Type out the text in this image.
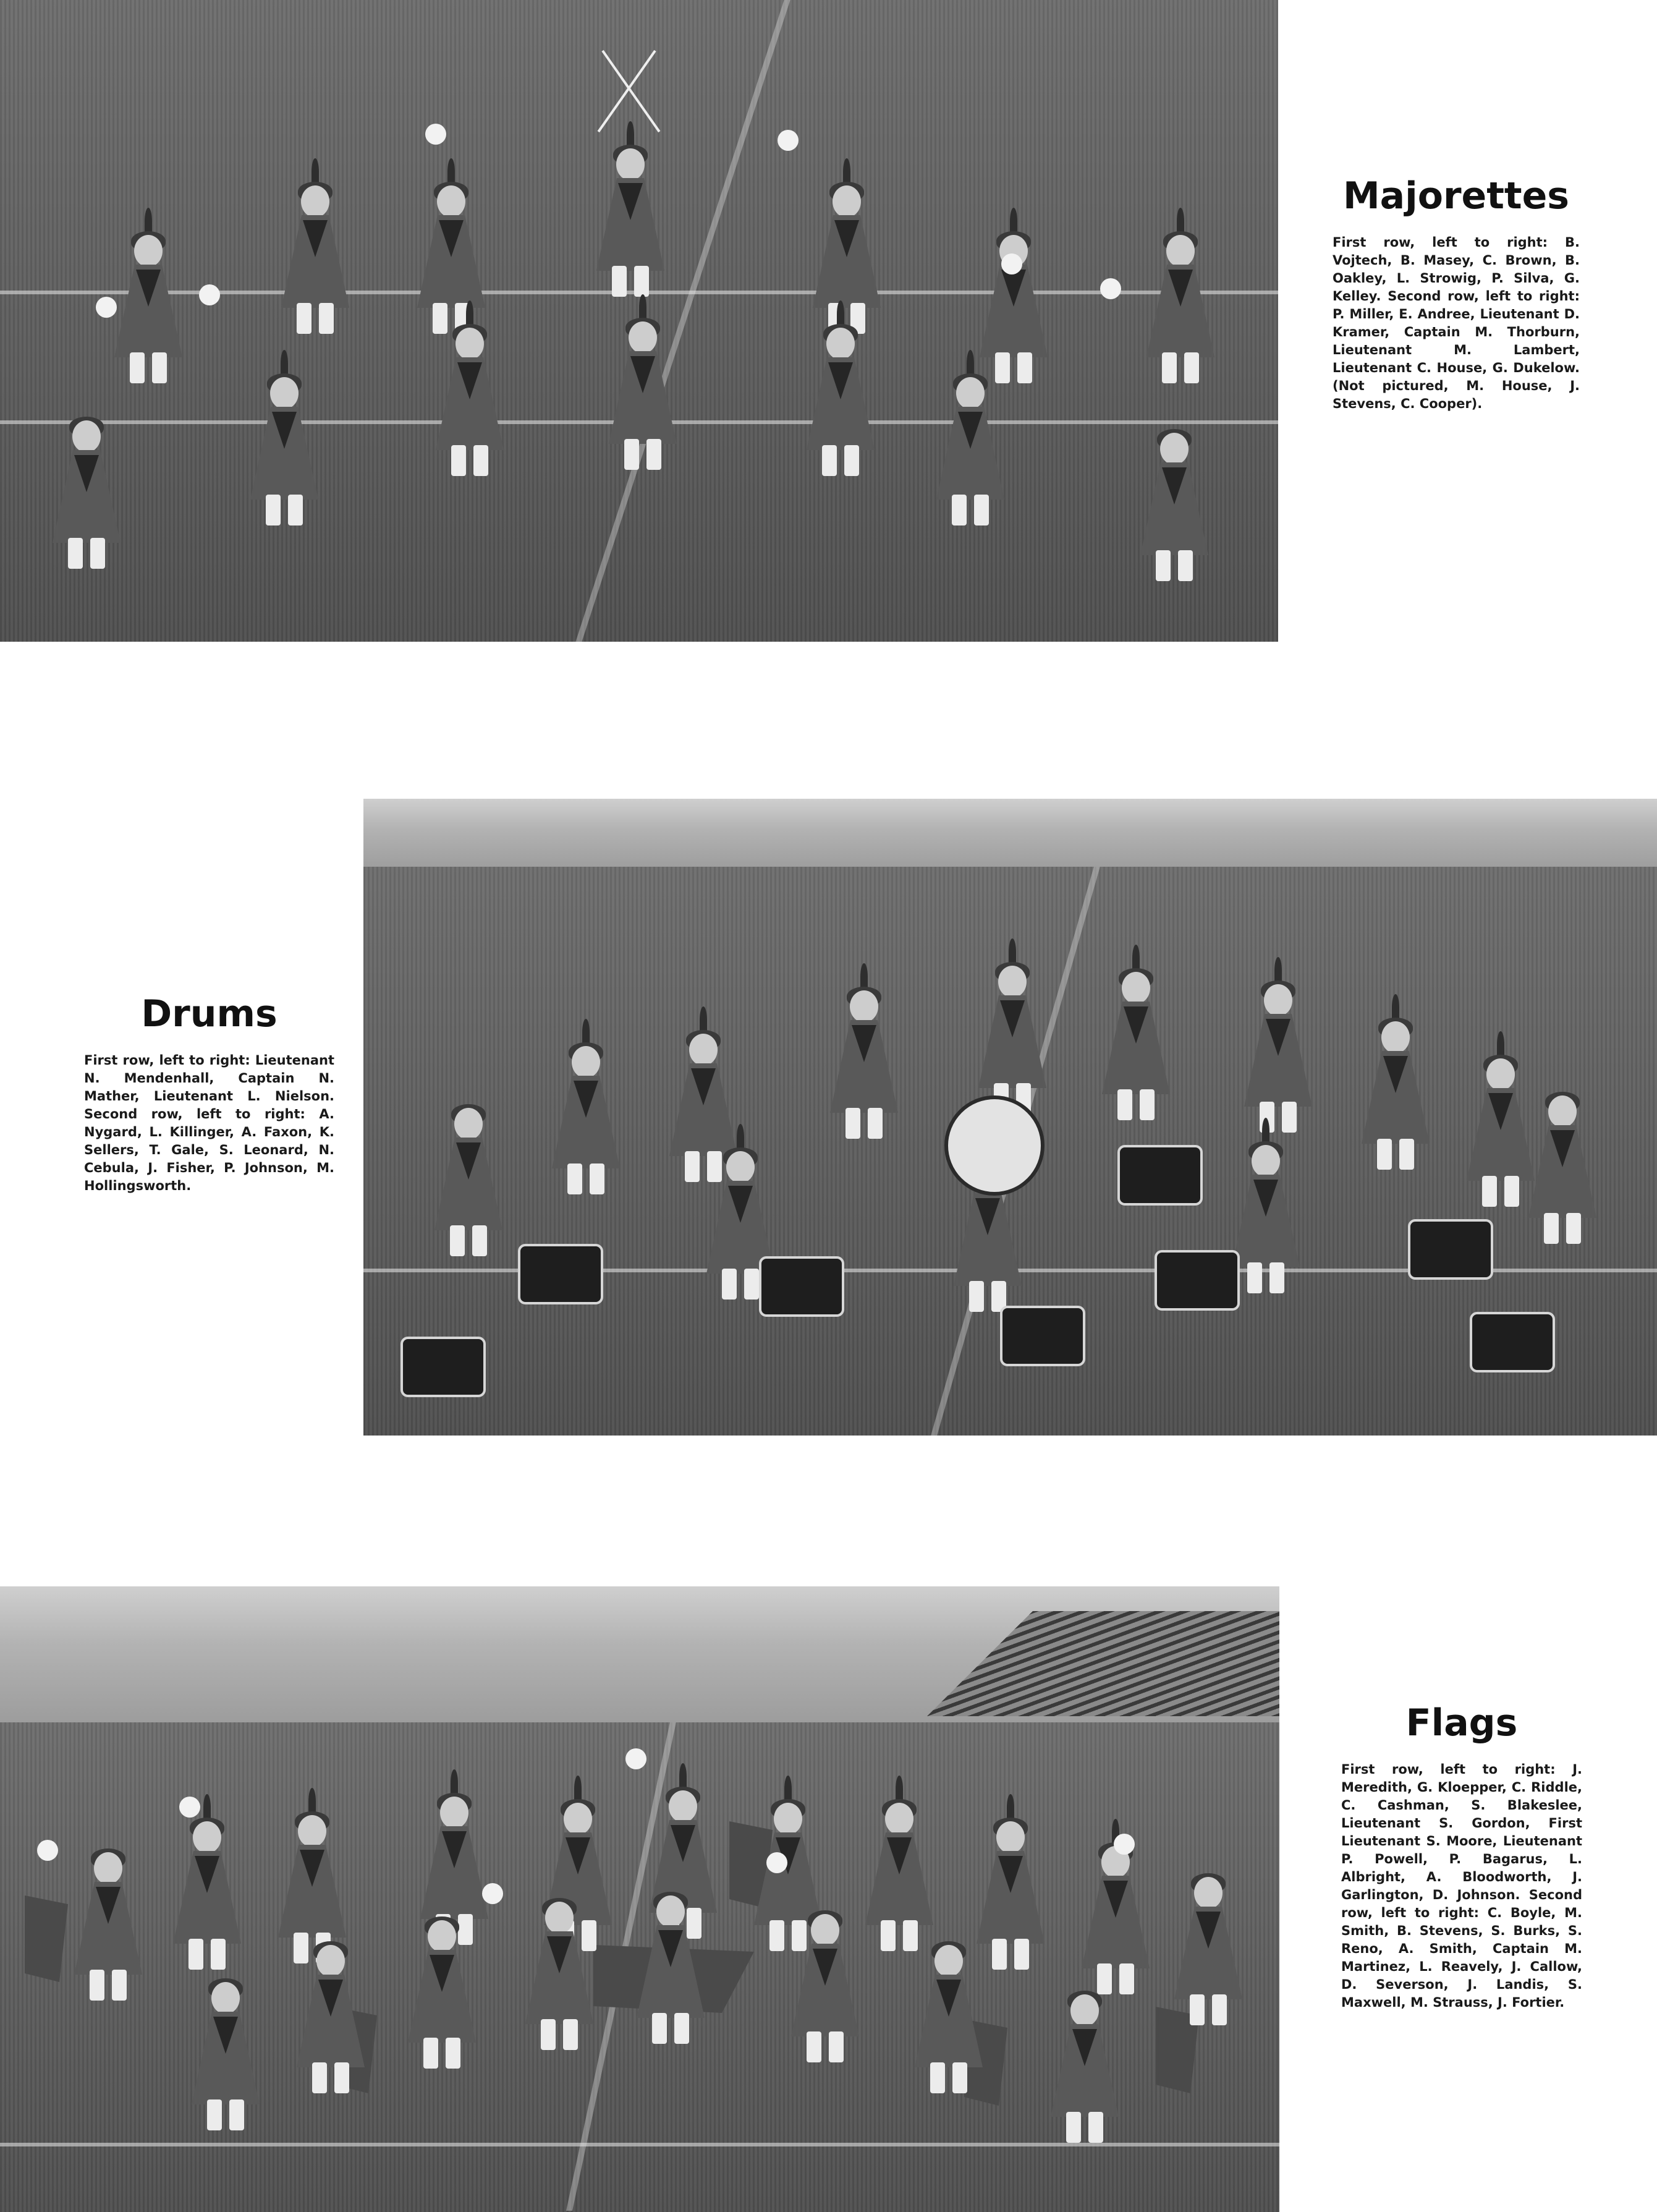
Majorettes

First row, left to right: B. Vojtech, B. Masey, C. Brown, B. Oakley, L. Strowig, P. Silva, G. Kelley. Second row, left to right: P. Miller, E. Andree, Lieutenant D. Kramer, Captain M. Thorburn, Lieutenant M. Lambert, Lieutenant C. House, G. Dukelow. (Not pictured, M. House, J. Stevens, C. Cooper).

Drums

First row, left to right: Lieutenant N. Mendenhall, Captain N. Mather, Lieutenant L. Nielson. Second row, left to right: A. Nygard, L. Killinger, A. Faxon, K. Sellers, T. Gale, S. Leonard, N. Cebula, J. Fisher, P. Johnson, M. Hollingsworth.

Flags

First row, left to right: J. Meredith, G. Kloepper, C. Riddle, C. Cashman, S. Blakeslee, Lieutenant S. Gordon, First Lieutenant S. Moore, Lieutenant P. Powell, P. Bagarus, L. Albright, A. Bloodworth, J. Garlington, D. Johnson. Second row, left to right: C. Boyle, M. Smith, B. Stevens, S. Burks, S. Reno, A. Smith, Captain M. Martinez, L. Reavely, J. Callow, D. Severson, J. Landis, S. Maxwell, M. Strauss, J. Fortier.
